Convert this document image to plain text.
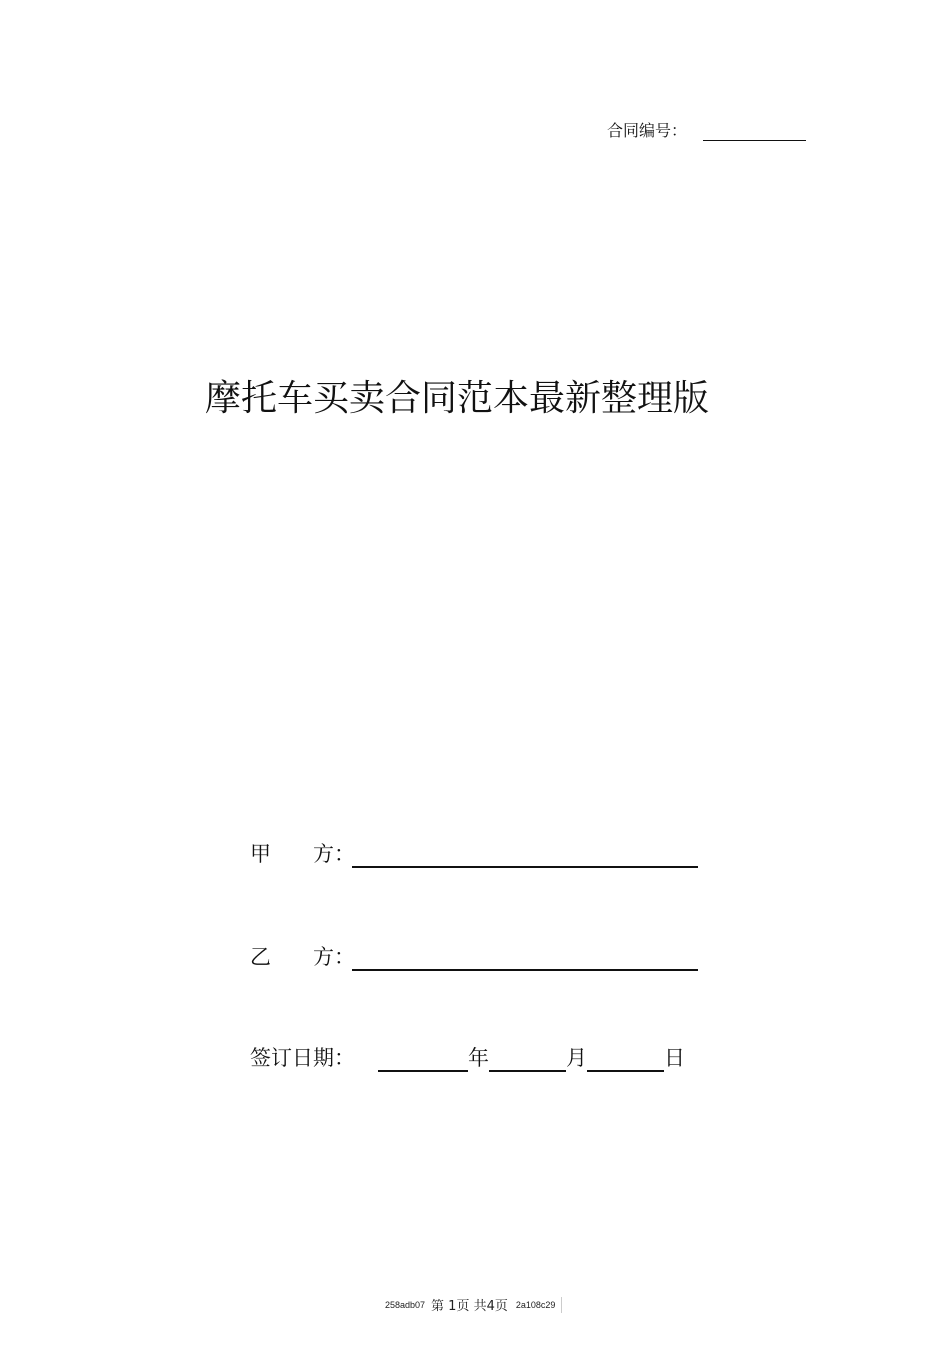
合同编号：
摩托车买卖合同范本最新整理版
甲　　方：
乙　　方：
签订日期：	年	月	日
258adb07 第 1页 共4页 2a108c29
